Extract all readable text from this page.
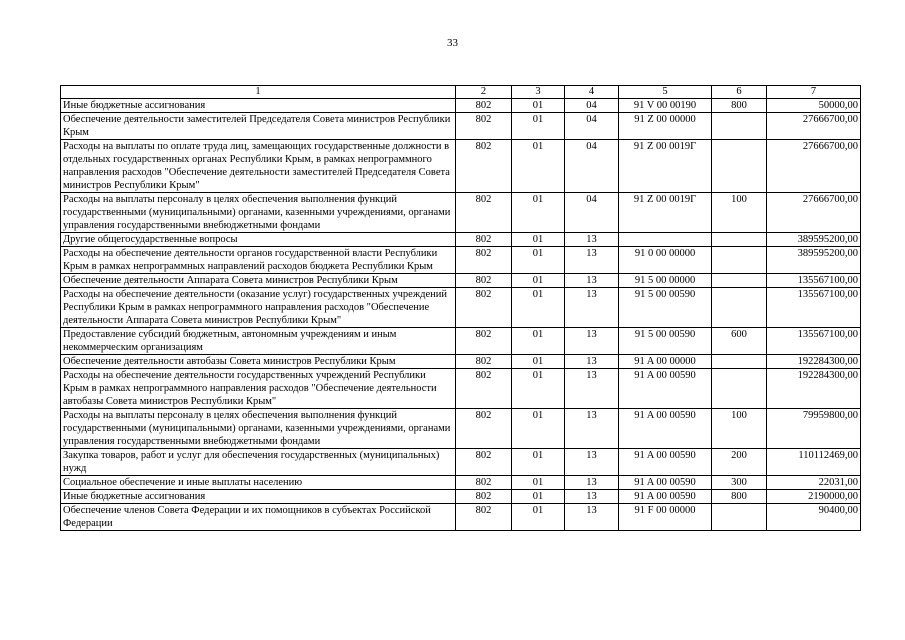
33
1	2	3	4	5	6	7
Иные бюджетные ассигнования	802	01	04	91 V 00 00190	800	50000,00
Обеспечение деятельности заместителей Председателя Совета министров Республики Крым	802	01	04	91 Z 00 00000		27666700,00
Расходы на выплаты по оплате труда лиц, замещающих государственные должности в отдельных государственных органах Республики Крым, в рамках непрограммного направления расходов "Обеспечение деятельности заместителей Председателя Совета министров Республики Крым"	802	01	04	91 Z 00 0019Г		27666700,00
Расходы на выплаты персоналу в целях обеспечения выполнения функций государственными (муниципальными) органами, казенными учреждениями, органами управления государственными внебюджетными фондами	802	01	04	91 Z 00 0019Г	100	27666700,00
Другие общегосударственные вопросы	802	01	13			389595200,00
Расходы на обеспечение деятельности органов государственной власти Республики Крым в рамках непрограммных направлений расходов бюджета Республики Крым	802	01	13	91 0 00 00000		389595200,00
Обеспечение деятельности Аппарата Совета министров Республики Крым	802	01	13	91 5 00 00000		135567100,00
Расходы на обеспечение деятельности (оказание услуг) государственных учреждений Республики Крым в рамках непрограммного направления расходов "Обеспечение деятельности Аппарата Совета министров Республики Крым"	802	01	13	91 5 00 00590		135567100,00
Предоставление субсидий бюджетным, автономным учреждениям и иным некоммерческим организациям	802	01	13	91 5 00 00590	600	135567100,00
Обеспечение деятельности автобазы Совета министров Республики Крым	802	01	13	91 A 00 00000		192284300,00
Расходы на обеспечение деятельности государственных учреждений Республики Крым в рамках непрограммного направления расходов "Обеспечение деятельности автобазы Совета министров Республики Крым"	802	01	13	91 A 00 00590		192284300,00
Расходы на выплаты персоналу в целях обеспечения выполнения функций государственными (муниципальными) органами, казенными учреждениями, органами управления государственными внебюджетными фондами	802	01	13	91 A 00 00590	100	79959800,00
Закупка товаров, работ и услуг для обеспечения государственных (муниципальных) нужд	802	01	13	91 A 00 00590	200	110112469,00
Социальное обеспечение и иные выплаты населению	802	01	13	91 A 00 00590	300	22031,00
Иные бюджетные ассигнования	802	01	13	91 A 00 00590	800	2190000,00
Обеспечение членов Совета Федерации и их помощников в субъектах Российской Федерации	802	01	13	91 F 00 00000		90400,00
